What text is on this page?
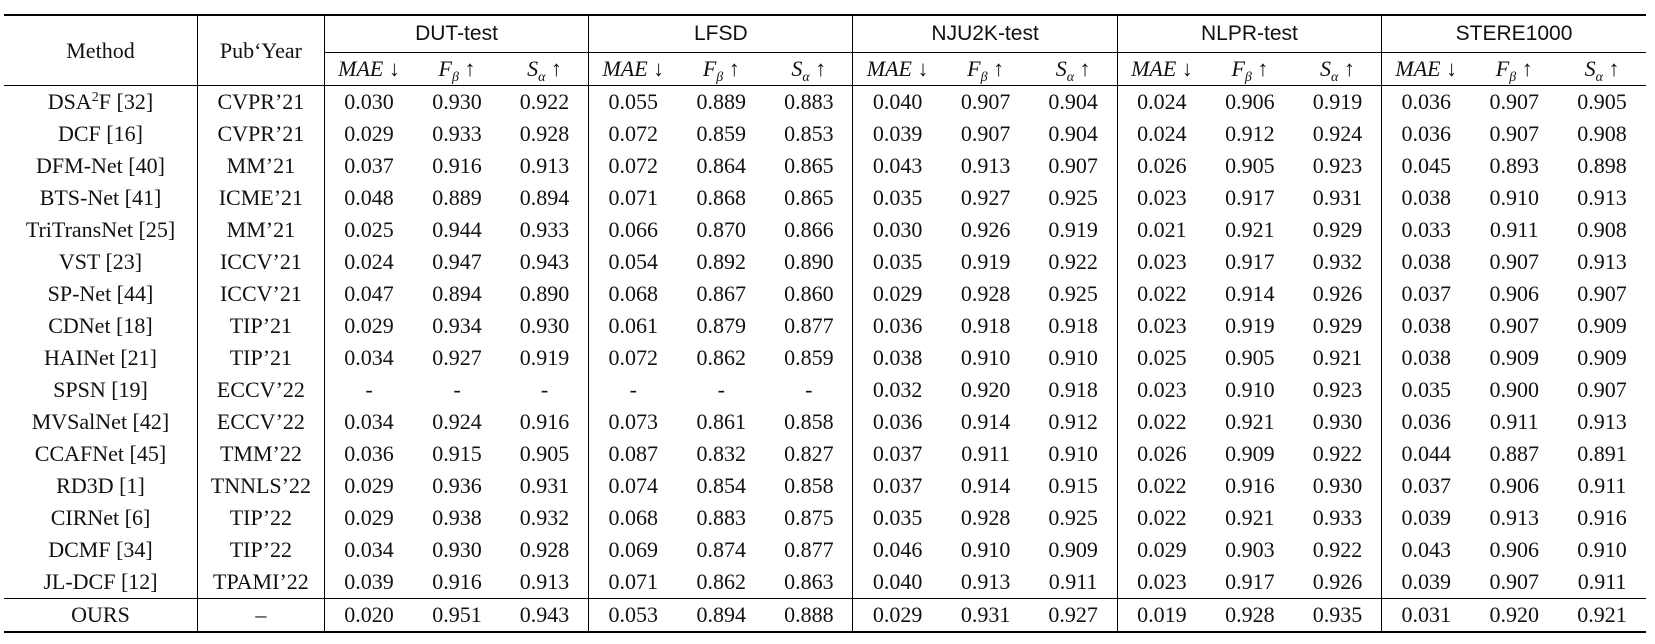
Method	Pub‘Year	DUT-test			LFSD			NJU2K-test			NLPR-test			STERE1000		
		MAE ↓	$F_\beta$ ↑	$S_\alpha$ ↑	MAE ↓	$F_\beta$ ↑	$S_\alpha$ ↑	MAE ↓	$F_\beta$ ↑	$S_\alpha$ ↑	MAE ↓	$F_\beta$ ↑	$S_\alpha$ ↑	MAE ↓	$F_\beta$ ↑	$S_\alpha$ ↑
DSA$^2$F [32]	CVPR’21	0.030	0.930	0.922	0.055	0.889	0.883	0.040	0.907	0.904	0.024	0.906	0.919	0.036	0.907	0.905
DCF [16]	CVPR’21	0.029	0.933	0.928	0.072	0.859	0.853	0.039	0.907	0.904	0.024	0.912	0.924	0.036	0.907	0.908
DFM-Net [40]	MM’21	0.037	0.916	0.913	0.072	0.864	0.865	0.043	0.913	0.907	0.026	0.905	0.923	0.045	0.893	0.898
BTS-Net [41]	ICME’21	0.048	0.889	0.894	0.071	0.868	0.865	0.035	0.927	0.925	0.023	0.917	0.931	0.038	0.910	0.913
TriTransNet [25]	MM’21	0.025	0.944	0.933	0.066	0.870	0.866	0.030	0.926	0.919	0.021	0.921	0.929	0.033	0.911	0.908
VST [23]	ICCV’21	0.024	0.947	0.943	0.054	0.892	0.890	0.035	0.919	0.922	0.023	0.917	0.932	0.038	0.907	0.913
SP-Net [44]	ICCV’21	0.047	0.894	0.890	0.068	0.867	0.860	0.029	0.928	0.925	0.022	0.914	0.926	0.037	0.906	0.907
CDNet [18]	TIP’21	0.029	0.934	0.930	0.061	0.879	0.877	0.036	0.918	0.918	0.023	0.919	0.929	0.038	0.907	0.909
HAINet [21]	TIP’21	0.034	0.927	0.919	0.072	0.862	0.859	0.038	0.910	0.910	0.025	0.905	0.921	0.038	0.909	0.909
SPSN [19]	ECCV’22	-	-	-	-	-	-	0.032	0.920	0.918	0.023	0.910	0.923	0.035	0.900	0.907
MVSalNet [42]	ECCV’22	0.034	0.924	0.916	0.073	0.861	0.858	0.036	0.914	0.912	0.022	0.921	0.930	0.036	0.911	0.913
CCAFNet [45]	TMM’22	0.036	0.915	0.905	0.087	0.832	0.827	0.037	0.911	0.910	0.026	0.909	0.922	0.044	0.887	0.891
RD3D [1]	TNNLS’22	0.029	0.936	0.931	0.074	0.854	0.858	0.037	0.914	0.915	0.022	0.916	0.930	0.037	0.906	0.911
CIRNet [6]	TIP’22	0.029	0.938	0.932	0.068	0.883	0.875	0.035	0.928	0.925	0.022	0.921	0.933	0.039	0.913	0.916
DCMF [34]	TIP’22	0.034	0.930	0.928	0.069	0.874	0.877	0.046	0.910	0.909	0.029	0.903	0.922	0.043	0.906	0.910
JL-DCF [12]	TPAMI’22	0.039	0.916	0.913	0.071	0.862	0.863	0.040	0.913	0.911	0.023	0.917	0.926	0.039	0.907	0.911
OURS	–	0.020	0.951	0.943	0.053	0.894	0.888	0.029	0.931	0.927	0.019	0.928	0.935	0.031	0.920	0.921
